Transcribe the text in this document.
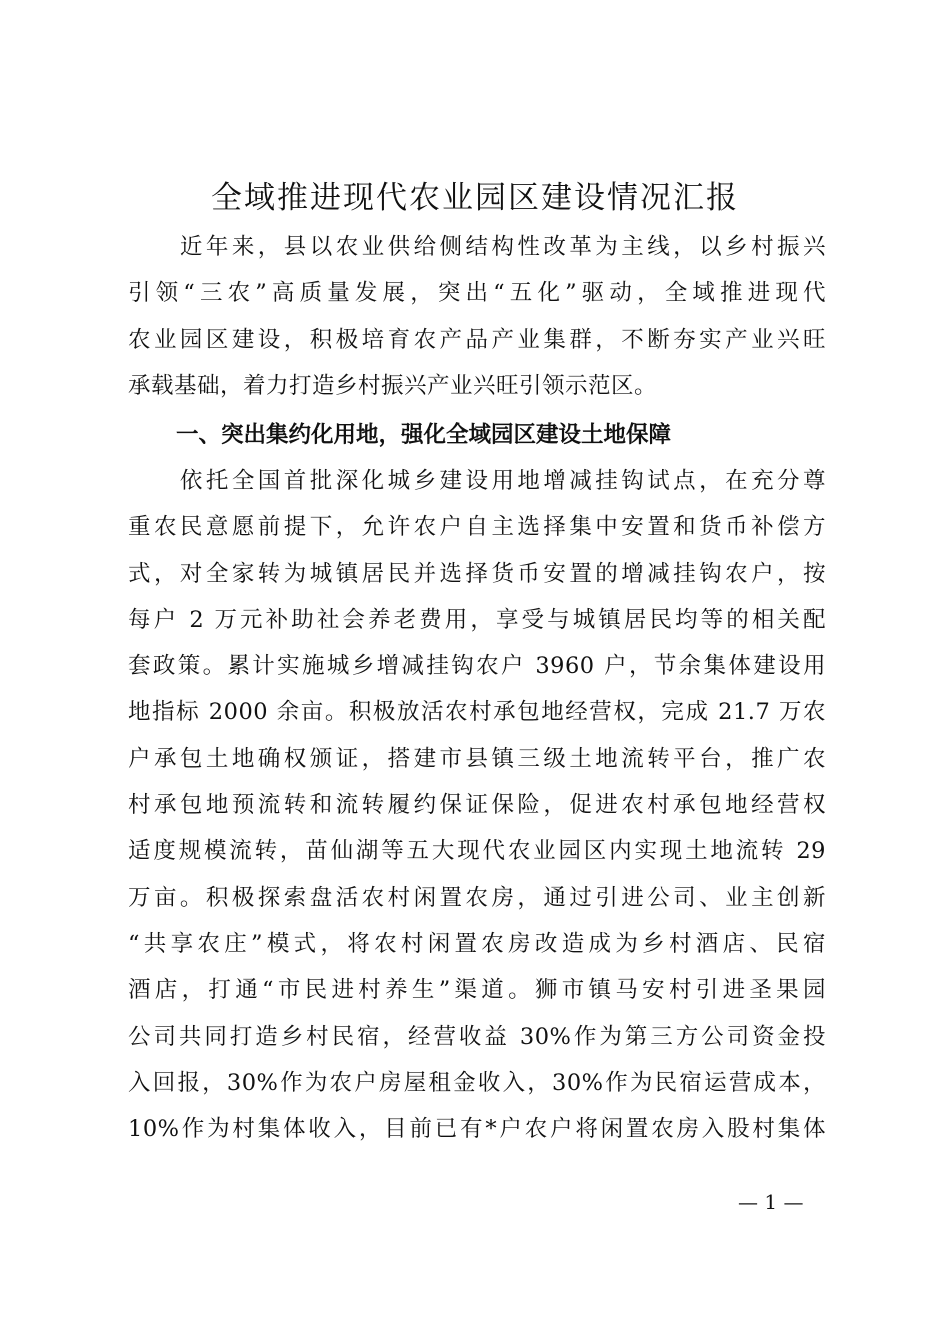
全域推进现代农业园区建设情况汇报
　　近年来，县以农业供给侧结构性改革为主线，以乡村振兴
引领“三农”高质量发展，突出“五化”驱动，全域推进现代
农业园区建设，积极培育农产品产业集群，不断夯实产业兴旺
承载基础，着力打造乡村振兴产业兴旺引领示范区。
一、突出集约化用地，强化全域园区建设土地保障
　　依托全国首批深化城乡建设用地增减挂钩试点，在充分尊
重农民意愿前提下，允许农户自主选择集中安置和货币补偿方
式，对全家转为城镇居民并选择货币安置的增减挂钩农户，按
每户 2 万元补助社会养老费用，享受与城镇居民均等的相关配
套政策。累计实施城乡增减挂钩农户 3960 户，节余集体建设用
地指标 2000 余亩。积极放活农村承包地经营权，完成 21.7 万农
户承包土地确权颁证，搭建市县镇三级土地流转平台，推广农
村承包地预流转和流转履约保证保险，促进农村承包地经营权
适度规模流转，苗仙湖等五大现代农业园区内实现土地流转 29
万亩。积极探索盘活农村闲置农房，通过引进公司、业主创新
“共享农庄”模式，将农村闲置农房改造成为乡村酒店、民宿
酒店，打通“市民进村养生”渠道。狮市镇马安村引进圣果园
公司共同打造乡村民宿，经营收益 30%作为第三方公司资金投
入回报，30%作为农户房屋租金收入，30%作为民宿运营成本，
10%作为村集体收入，目前已有*户农户将闲置农房入股村集体
— 1 —
